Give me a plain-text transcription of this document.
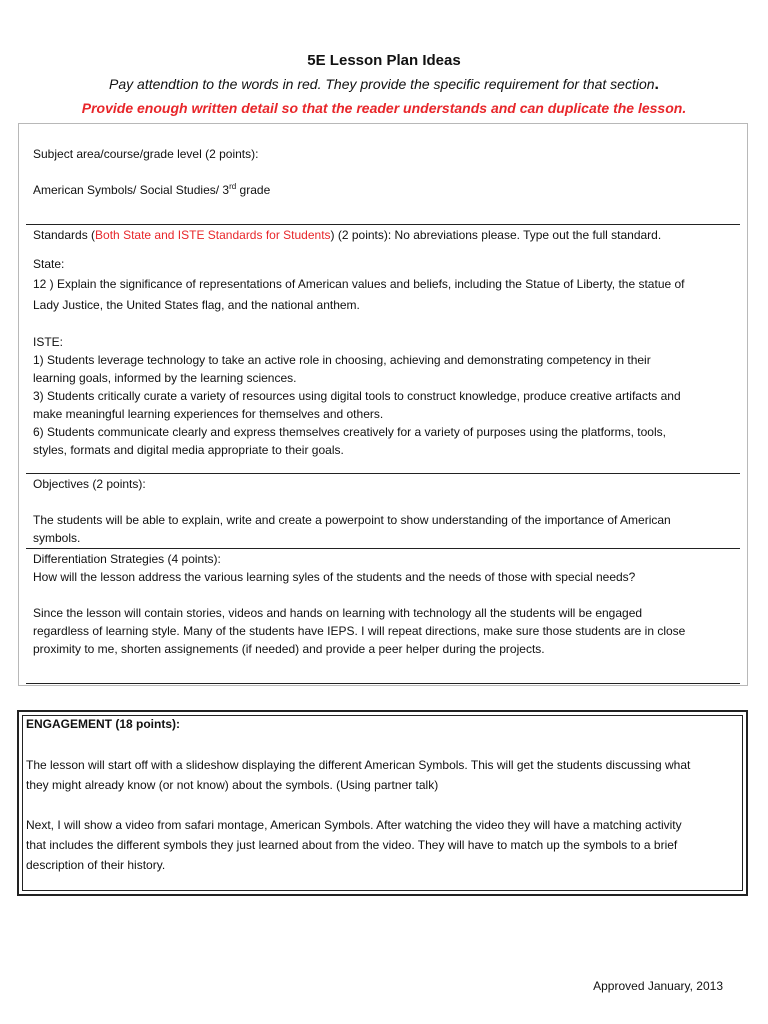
5E Lesson Plan Ideas
Pay attendtion to the words in red. They provide the specific requirement for that section.
Provide enough written detail so that the reader understands and can duplicate the lesson.

Subject area/course/grade level (2 points):

American Symbols/ Social Studies/ 3rd grade

Standards (Both State and ISTE Standards for Students) (2 points): No abreviations please. Type out the full standard.

State:

12 ) Explain the significance of representations of American values and beliefs, including the Statue of Liberty, the statue of

Lady Justice, the United States flag, and the national anthem.

ISTE:

1) Students leverage technology to take an active role in choosing, achieving and demonstrating competency in their

learning goals, informed by the learning sciences.

3) Students critically curate a variety of resources using digital tools to construct knowledge, produce creative artifacts and

make meaningful learning experiences for themselves and others.

6) Students communicate clearly and express themselves creatively for a variety of purposes using the platforms, tools,

styles, formats and digital media appropriate to their goals.

Objectives (2 points):

The students will be able to explain, write and create a powerpoint to show understanding of the importance of American

symbols.

Differentiation Strategies (4 points):

How will the lesson address the various learning syles of the students and the needs of those with special needs?

Since the lesson will contain stories, videos and hands on learning with technology all the students will be engaged

regardless of learning style. Many of the students have IEPS. I will repeat directions, make sure those students are in close

proximity to me, shorten assignements (if needed) and provide a peer helper during the projects.

ENGAGEMENT (18 points):

The lesson will start off with a slideshow displaying the different American Symbols. This will get the students discussing what

they might already know (or not know) about the symbols. (Using partner talk)

Next, I will show a video from safari montage, American Symbols. After watching the video they will have a matching activity

that includes the different symbols they just learned about from the video. They will have to match up the symbols to a brief

description of their history.

Approved January, 2013
